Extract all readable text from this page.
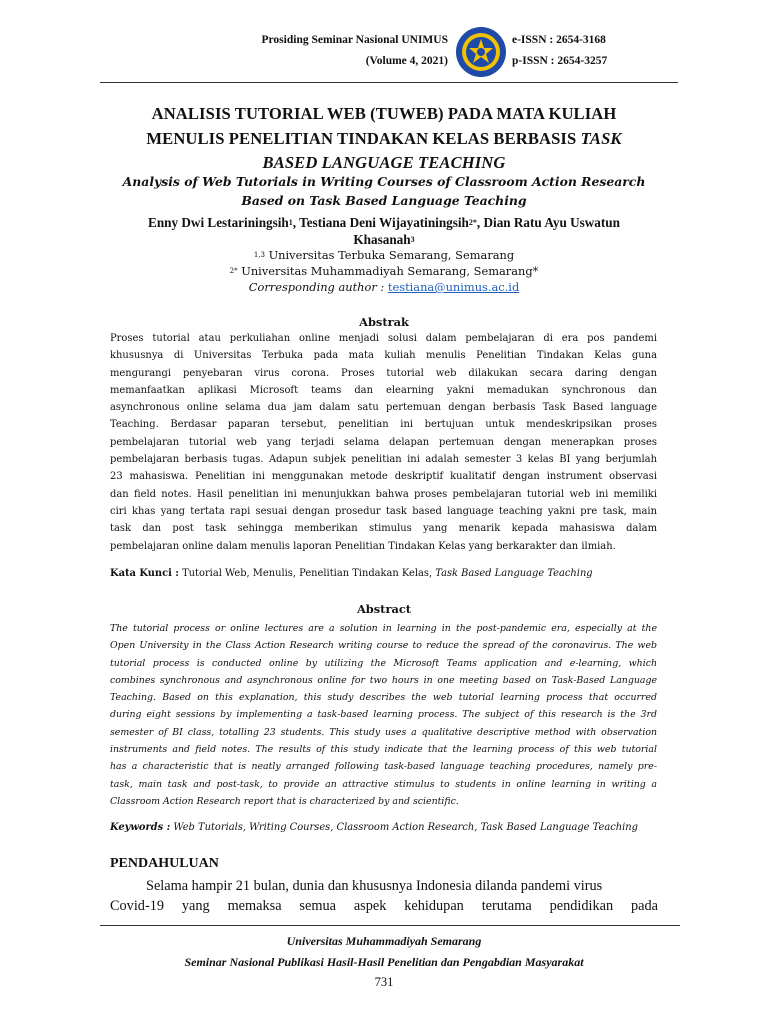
Prosiding Seminar Nasional UNIMUS
(Volume 4, 2021)
e-ISSN : 2654-3168
p-ISSN : 2654-3257
ANALISIS TUTORIAL WEB (TUWEB) PADA MATA KULIAH
MENULIS PENELITIAN TINDAKAN KELAS BERBASIS TASK
BASED LANGUAGE TEACHING
Analysis of Web Tutorials in Writing Courses of Classroom Action Research
Based on Task Based Language Teaching
Enny Dwi Lestariningsih$^1$, Testiana Deni Wijayatiningsih$^{2*}$, Dian Ratu Ayu Uswatun
Khasanah$^3$
$^{1,3}$ Universitas Terbuka Semarang, Semarang
$^{2*}$ Universitas Muhammadiyah Semarang, Semarang*
Corresponding author : testiana@unimus.ac.id
Abstrak
Proses tutorial atau perkuliahan online menjadi solusi dalam pembelajaran di era pos pandemi
khususnya di Universitas Terbuka pada mata kuliah menulis Penelitian Tindakan Kelas guna
mengurangi penyebaran virus corona. Proses tutorial web dilakukan secara daring dengan
memanfaatkan aplikasi Microsoft teams dan elearning yakni memadukan synchronous dan
asynchronous online selama dua jam dalam satu pertemuan dengan berbasis Task Based language
Teaching. Berdasar paparan tersebut, penelitian ini bertujuan untuk mendeskripsikan proses
pembelajaran tutorial web yang terjadi selama delapan pertemuan dengan menerapkan proses
pembelajaran berbasis tugas. Adapun subjek penelitian ini adalah semester 3 kelas BI yang berjumlah
23 mahasiswa. Penelitian ini menggunakan metode deskriptif kualitatif dengan instrument observasi
dan field notes. Hasil penelitian ini menunjukkan bahwa proses pembelajaran tutorial web ini memiliki
ciri khas yang tertata rapi sesuai dengan prosedur task based language teaching yakni pre task, main
task dan post task sehingga memberikan stimulus yang menarik kepada mahasiswa dalam
pembelajaran online dalam menulis laporan Penelitian Tindakan Kelas yang berkarakter dan ilmiah.
Kata Kunci : Tutorial Web, Menulis, Penelitian Tindakan Kelas, Task Based Language Teaching
Abstract
The tutorial process or online lectures are a solution in learning in the post-pandemic era, especially at the
Open University in the Class Action Research writing course to reduce the spread of the coronavirus. The web
tutorial process is conducted online by utilizing the Microsoft Teams application and e-learning, which
combines synchronous and asynchronous online for two hours in one meeting based on Task-Based Language
Teaching. Based on this explanation, this study describes the web tutorial learning process that occurred
during eight sessions by implementing a task-based learning process. The subject of this research is the 3rd
semester of BI class, totalling 23 students. This study uses a qualitative descriptive method with observation
instruments and field notes. The results of this study indicate that the learning process of this web tutorial
has a characteristic that is neatly arranged following task-based language teaching procedures, namely pre-
task, main task and post-task, to provide an attractive stimulus to students in online learning in writing a
Classroom Action Research report that is characterized by and scientific.
Keywords : Web Tutorials, Writing Courses, Classroom Action Research, Task Based Language Teaching
PENDAHULUAN
Selama hampir 21 bulan, dunia dan khususnya Indonesia dilanda pandemi virus
Covid-19 yang memaksa semua aspek kehidupan terutama pendidikan pada
Universitas Muhammadiyah Semarang
Seminar Nasional Publikasi Hasil-Hasil Penelitian dan Pengabdian Masyarakat
731
